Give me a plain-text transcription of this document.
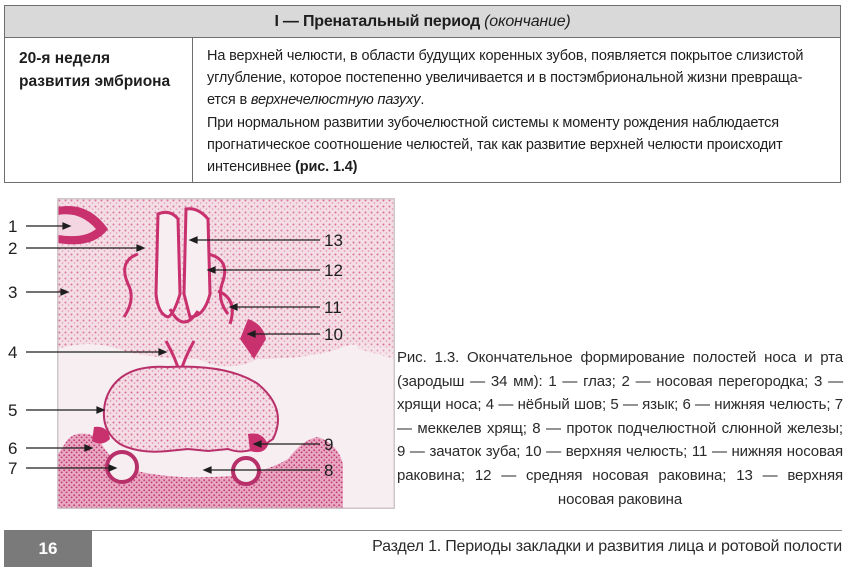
I — Пренатальный период (окончание)
20-я неделя
развития эмбриона

На верхней челюсти, в области будущих коренных зубов, появляется покрытое слизистой углубление, которое постепенно увеличивается и в постэмбриональной жизни превращается в верхнечелюстную пазуху.

При нормальном развитии зубочелюстной системы к моменту рождения наблюдается прогнатическое соотношение челюстей, так как развитие верхней челюсти происходит интенсивнее (рис. 1.4)

1
2
3
4
5
6
7	8
9
10
11
12
13
Рис. 1.3. Окончательное формирование полостей носа и рта (зародыш — 34 мм): 1 — глаз; 2 — носовая перегородка; 3 — хрящи носа; 4 — нёбный шов; 5 — язык; 6 — нижняя челюсть; 7 — меккелев хрящ; 8 — проток подчелюстной слюнной железы; 9 — зачаток зуба; 10 — верхняя челюсть; 11 — нижняя носовая раковина; 12 — средняя носовая раковина; 13 — верхняя носовая раковина
16	Раздел 1. Периоды закладки и развития лица и ротовой полости
